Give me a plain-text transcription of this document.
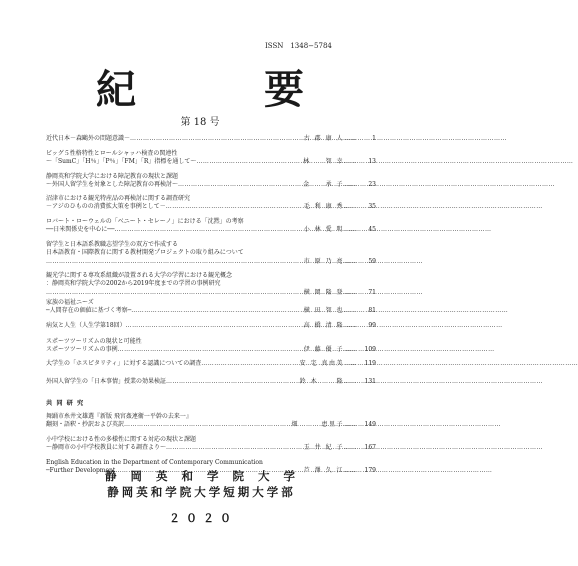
ISSN　1348−5784
紀　要
第 18 号
近代日本－森鷗外の問題意識－ …………………………………………………………………………………………………………………………………………………………	古 郡 康 人 ……	1
ビッグ５性格特性とロールシャッハ検査の関連性
～「SumC」「H％」「P％」「FM」「R」指標を通して～ …………………………………………………………………………………………………………………………………………………………	林　　智 幸 ……	13
静岡英和学院大学における障記教育の現状と課題
～外国人留学生を対象とした障記教育の再検討～ …………………………………………………………………………………………………………………………………………………………	金　　承 子 ……	23
沼津市における観光特産品の再検討に関する調査研究
－アジのひものの消費拡大策を事例として－ …………………………………………………………………………………………………………………………………………………………	毛 利 康 秀 ……	35
ロバート・ローウェルの「ベニート・セレーノ」における「沈黙」の考察
──日米関係史を中心に── …………………………………………………………………………………………………………………………………………………………	小 林 愛 明 ……	45
留学生と日本語系教職志望学生の双方で作成する
日本語教育・国際教育に関する教材開発プロジェクトの取り組みについて
…………………………………………………………………………………………………………………………………………………………
市 原 乃 亮 ……	59
観光学に関する専攻系組織が設置される大学の学習における観光概念
：静岡英和学院大学の2002から2019年度までの学習の事例研究
…………………………………………………………………………………………………………………………………………………………
横 岡 隆 登 ……	71
家族の福祉ニーズ
─人間存在の価値に基づく考察─ …………………………………………………………………………………………………………………………………………………………	横 田 智 也 ……	81
病気と人生（人生学第18回） …………………………………………………………………………………………………………………………………………………………	高 橋 清 隆 ……	99
スポーツツーリズムの現状と可能性
スポーツツーリズムの事例 …………………………………………………………………………………………………………………………………………………………	伊 藤 優 子 ……	109
大学生の「ホスピタリティ」に対する認識についての調査 …………………………………………………………………………………………………………………………………………………………	安 宅 真由美 ……	119
外国人留学生の「日本事情」授業の効果検証 …………………………………………………………………………………………………………………………………………………………	鈴 木　　 隆 ……	131
共 同 研 究
舞踊市糸井文雄選『新版 飛宮姦連衛一平幹の去来一』
翻刻・語釈・抄訳および英訳 …………………………………………………………………………………………………………………………………………………………	畑　　　恵里子 ……	149
小中学校における性の多様性に関する対応の現状と課題
～静岡市の小中学校教員に対する調査より～ …………………………………………………………………………………………………………………………………………………………	玉 井 紀 子 ……	167
English Education in the Department of Contemporary Communication
─Further Development …………………………………………………………………………………………………………………………………………………………	芦 澤 久 江 ……	179
静 岡 英 和 学 院 大 学
静岡英和学院大学短期大学部
２０２０
